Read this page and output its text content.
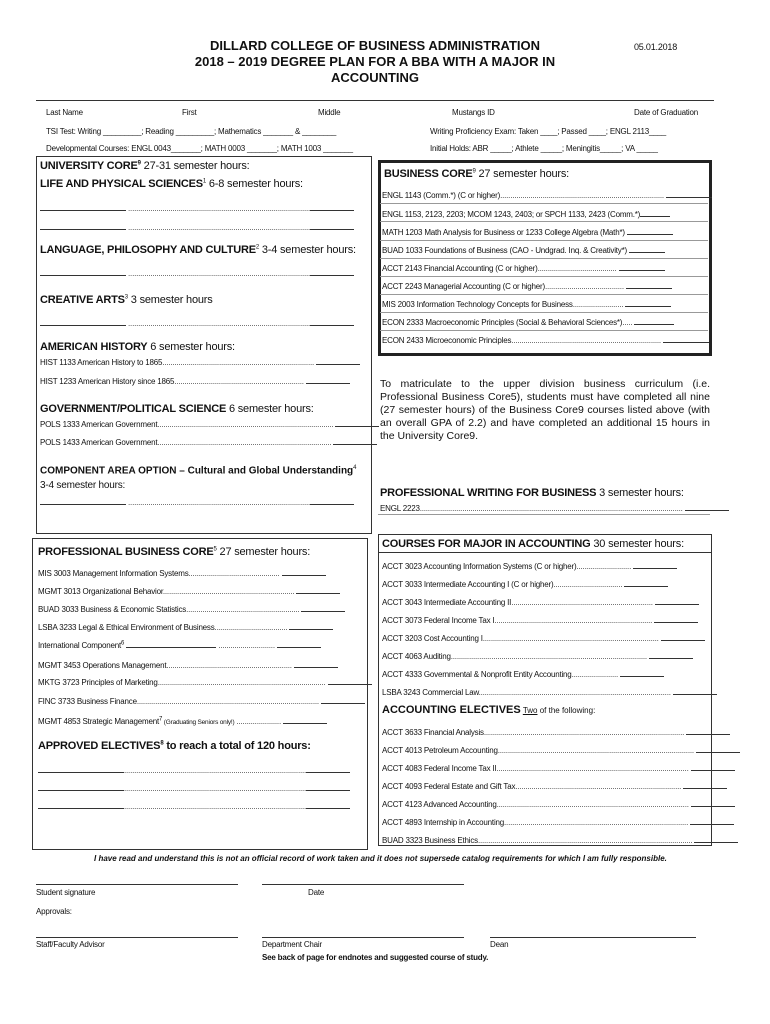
DILLARD COLLEGE OF BUSINESS ADMINISTRATION
2018 – 2019 DEGREE PLAN FOR A BBA WITH A MAJOR IN
ACCOUNTING
05.01.2018
Last Name	First	Middle	Mustangs ID	Date of Graduation
TSI Test: Writing _________; Reading _________; Mathematics _______ & ________	Writing Proficiency Exam: Taken ____; Passed ____; ENGL 2113____
Developmental Courses: ENGL 0043_______; MATH 0003 _______; MATH 1003 _______	Initial Holds: ABR _____; Athlete _____; Meningitis_____; VA _____
UNIVERSITY CORE$^9$ 27-31 semester hours:
LIFE AND PHYSICAL SCIENCES$^1$ 6-8 semester hours:
..........................................................................................
..........................................................................................
LANGUAGE, PHILOSOPHY AND CULTURE$^2$ 3-4 semester hours:
..........................................................................................
CREATIVE ARTS$^3$ 3 semester hours
..........................................................................................
AMERICAN HISTORY 6 semester hours:
HIST 1133 American History to 1865...........................................................................
HIST 1233 American History since 1865................................................................
GOVERNMENT/POLITICAL SCIENCE 6 semester hours:
POLS 1333 American Government.......................................................................................
POLS 1433 American Government......................................................................................
COMPONENT AREA OPTION – Cultural and Global Understanding$^4$
3-4 semester hours:
..........................................................................................
BUSINESS CORE$^9$ 27 semester hours:
ENGL 1143 (Comm.*) (C or higher).................................................................................
ENGL 1153, 2123, 2203; MCOM 1243, 2403; or SPCH 1133, 2423 (Comm.*)
MATH 1203 Math Analysis for Business or 1233 College Algebra (Math*)
BUAD 1033 Foundations of Business (CAO - Undgrad. Inq. & Creativity*)
ACCT 2143 Financial Accounting (C or higher).......................................
ACCT 2243 Managerial Accounting (C or higher).......................................
MIS 2003 Information Technology Concepts for Business.........................
ECON 2333 Macroeconomic Principles (Social & Behavioral Sciences*).....
ECON 2433 Microeconomic Principles..........................................................................
To matriculate to the upper division business curriculum (i.e. Professional Business Core5), students must have completed all nine (27 semester hours) of the Business Core9 courses listed above (with an overall GPA of 2.2) and have completed an additional 15 hours in the University Core9.
PROFESSIONAL WRITING FOR BUSINESS 3 semester hours:
ENGL 2223..................................................................................................................................
PROFESSIONAL BUSINESS CORE$^5$ 27 semester hours:
MIS 3003 Management Information Systems.............................................
MGMT 3013 Organizational Behavior.................................................................
BUAD 3033 Business & Economic Statistics........................................................
LSBA 3233 Legal & Ethical Environment of Business....................................
International Component$^6$	............................
MGMT 3453 Operations Management..............................................................
MKTG 3723 Principles of Marketing...................................................................................
FINC 3733 Business Finance..........................................................................................
MGMT 4853 Strategic Management$^7$ (Graduating Seniors only!) ......................
APPROVED ELECTIVES$^8$ to reach a total of 120 hours:
..........................................................................................
..........................................................................................
..........................................................................................
COURSES FOR MAJOR IN ACCOUNTING 30 semester hours:
ACCT 3023 Accounting Information Systems (C or higher)...........................
ACCT 3033 Intermediate Accounting I (C or higher)..................................
ACCT 3043 Intermediate Accounting II......................................................................
ACCT 3073 Federal Income Tax I..............................................................................
ACCT 3203 Cost Accounting I.......................................................................................
ACCT 4063 Auditing.................................................................................................
ACCT 4333 Governmental & Nonprofit Entity Accounting.......................
LSBA 3243 Commercial Law...............................................................................................
ACCOUNTING ELECTIVES Two of the following:
ACCT 3633 Financial Analysis...................................................................................................
ACCT 4013 Petroleum Accounting.................................................................................................
ACCT 4083 Federal Income Tax II...............................................................................................
ACCT 4093 Federal Estate and Gift Tax..................................................................................
ACCT 4123 Advanced Accounting...............................................................................................
ACCT 4893 Internship in Accounting...........................................................................................
BUAD 3323 Business Ethics..........................................................................................................
I have read and understand this is not an official record of work taken and it does not supersede catalog requirements for which I am fully responsible.
Student signature	Date
Approvals:
Staff/Faculty Advisor	Department Chair	Dean
See back of page for endnotes and suggested course of study.
